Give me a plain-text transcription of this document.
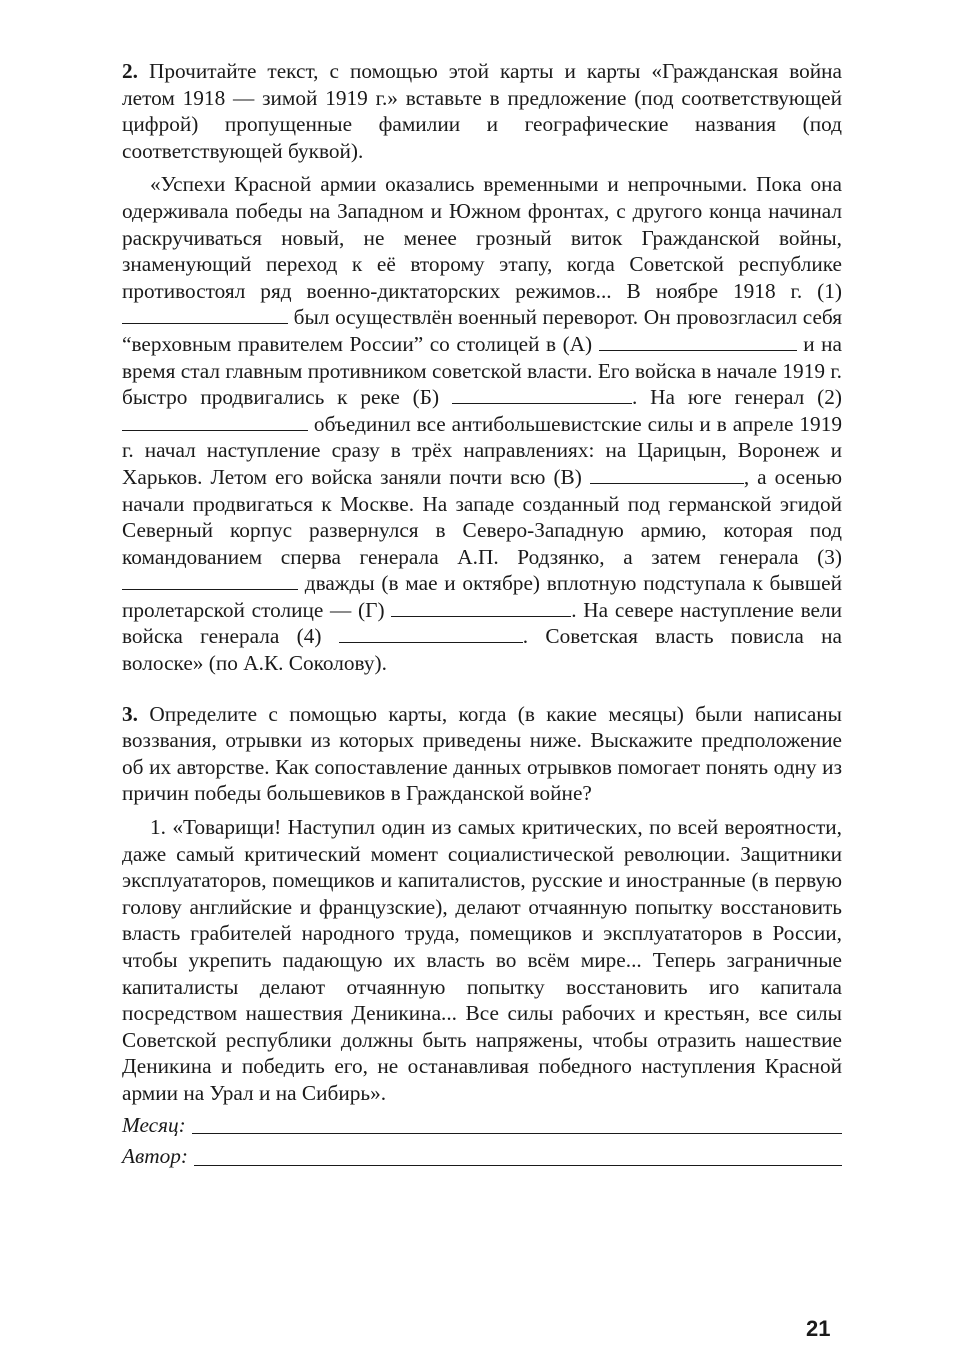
2. Прочитайте текст, с помощью этой карты и карты «Гражданская война летом 1918 — зимой 1919 г.» вставьте в предложение (под соответствующей цифрой) пропущенные фамилии и географические названия (под соответствующей буквой).

«Успехи Красной армии оказались временными и непрочными. Пока она одерживала победы на Западном и Южном фронтах, с другого конца начинал раскручиваться новый, не менее грозный виток Гражданской войны, знаменующий переход к её второму этапу, когда Советской республике противостоял ряд военно-диктаторских режимов... В ноябре 1918 г. (1)  был осуществлён военный переворот. Он провозгласил себя “верховным правителем России” со столицей в (А)	и на время стал главным противником советской власти. Его войска в начале 1919 г. быстро продвигались к реке (Б)	. На юге генерал (2)  объединил все антибольшевистские силы и в апреле 1919 г. начал наступление сразу в трёх направлениях: на Царицын, Воронеж и Харьков. Летом его войска заняли почти всю (В)	, а осенью начали продвигаться к Москве. На западе созданный под германской эгидой Северный корпус развернулся в Северо-Западную армию, которая под командованием сперва генерала А.П. Родзянко, а затем генерала (3)  дважды (в мае и октябре) вплотную подступала к бывшей пролетарской столице — (Г)	. На севере наступление вели войска генерала (4)	. Советская власть повисла на волоске» (по А.К. Соколову).

3. Определите с помощью карты, когда (в какие месяцы) были написаны воззвания, отрывки из которых приведены ниже. Выскажите предположение об их авторстве. Как сопоставление данных отрывков помогает понять одну из причин победы большевиков в Гражданской войне?

1. «Товарищи! Наступил один из самых критических, по всей вероятности, даже самый критический момент социалистической революции. Защитники эксплуататоров, помещиков и капиталистов, русские и иностранные (в первую голову английские и французские), делают отчаянную попытку восстановить власть грабителей народного труда, помещиков и эксплуататоров в России, чтобы укрепить падающую их власть во всём мире... Теперь заграничные капиталисты делают отчаянную попытку восстановить иго капитала посредством нашествия Деникина... Все силы рабочих и крестьян, все силы Советской республики должны быть напряжены, чтобы отразить нашествие Деникина и победить его, не останавливая победного наступления Красной армии на Урал и на Сибирь».

Месяц:
Автор:
21
